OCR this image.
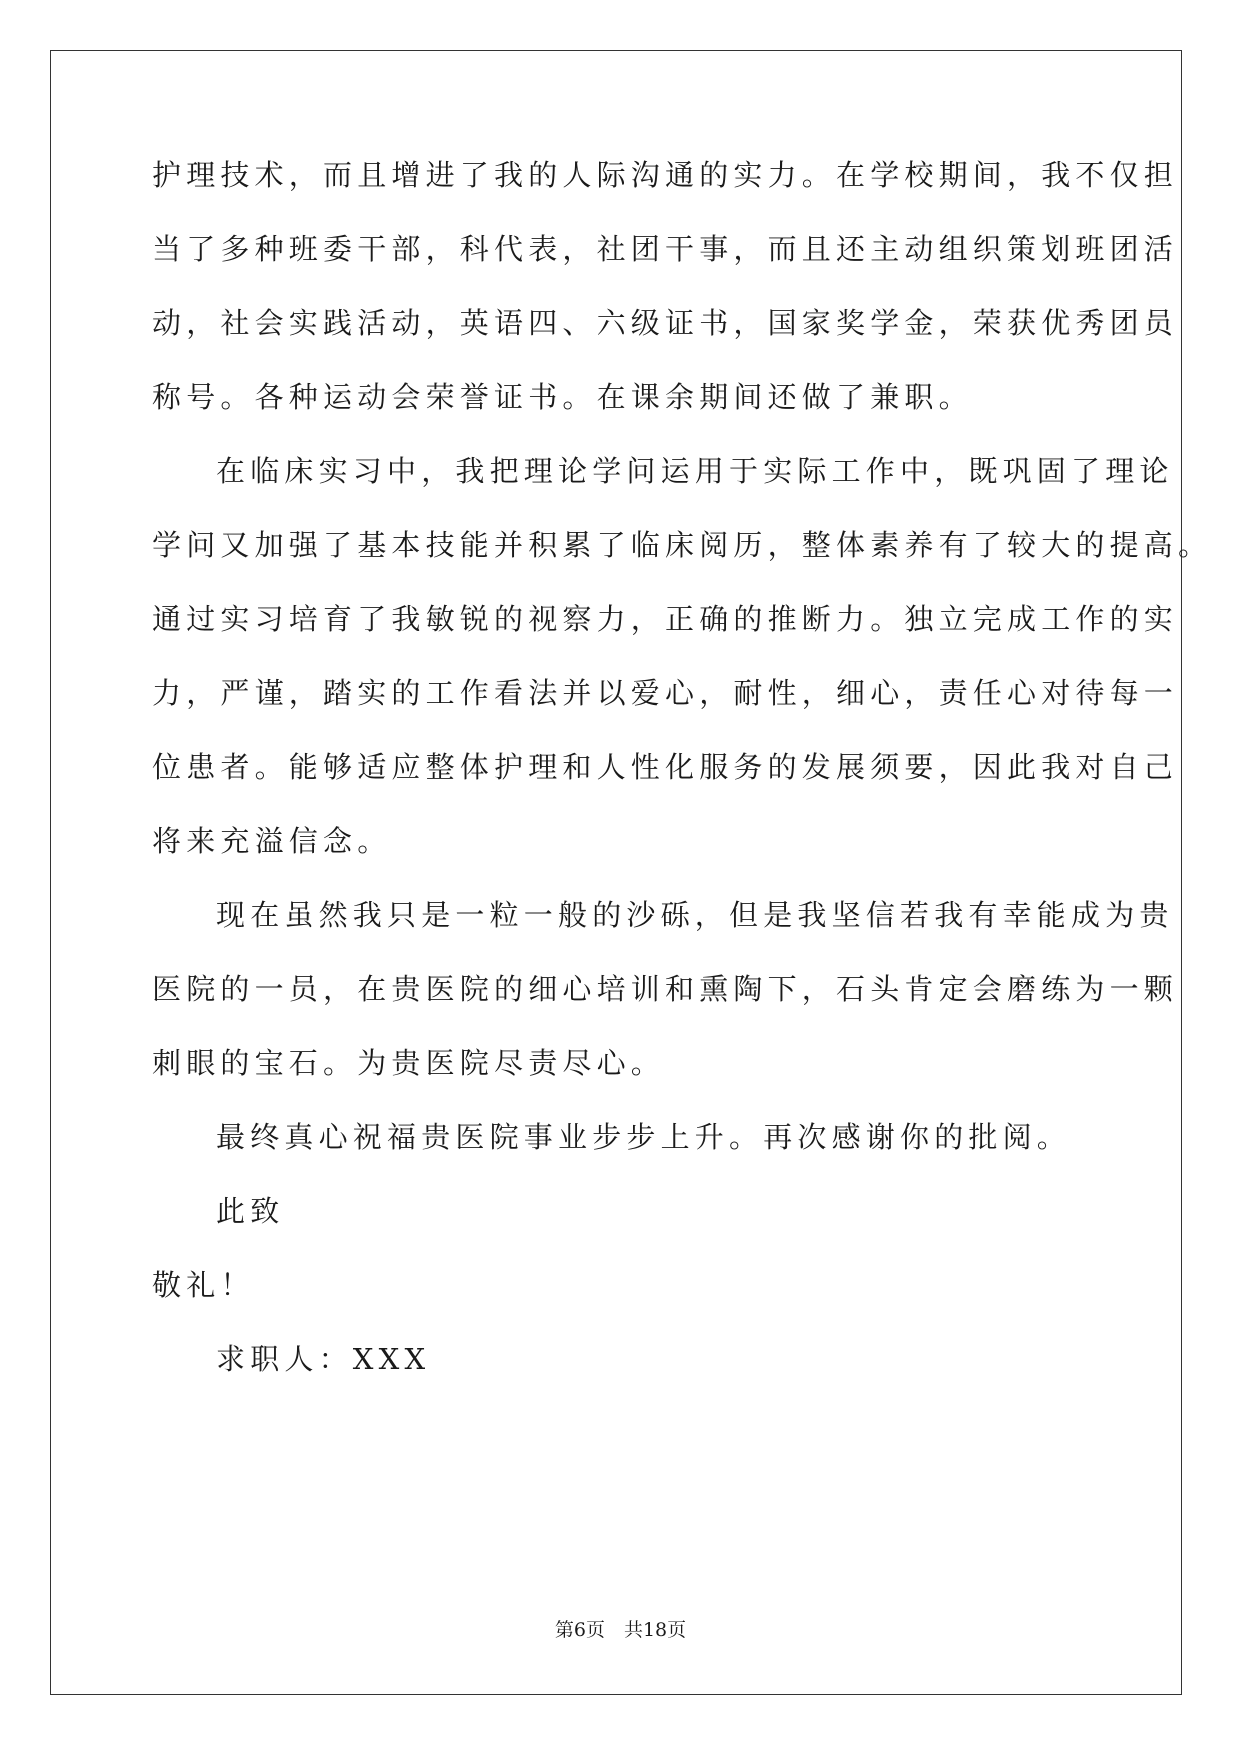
护理技术，而且增进了我的人际沟通的实力。在学校期间，我不仅担
当了多种班委干部，科代表，社团干事，而且还主动组织策划班团活
动，社会实践活动，英语四、六级证书，国家奖学金，荣获优秀团员
称号。各种运动会荣誉证书。在课余期间还做了兼职。
在临床实习中，我把理论学问运用于实际工作中，既巩固了理论
学问又加强了基本技能并积累了临床阅历，整体素养有了较大的提高。
通过实习培育了我敏锐的视察力，正确的推断力。独立完成工作的实
力，严谨，踏实的工作看法并以爱心，耐性，细心，责任心对待每一
位患者。能够适应整体护理和人性化服务的发展须要，因此我对自己
将来充溢信念。
现在虽然我只是一粒一般的沙砾，但是我坚信若我有幸能成为贵
医院的一员，在贵医院的细心培训和熏陶下，石头肯定会磨练为一颗
刺眼的宝石。为贵医院尽责尽心。
最终真心祝福贵医院事业步步上升。再次感谢你的批阅。
此致
敬礼！
求职人：XXX
第6页　共18页
